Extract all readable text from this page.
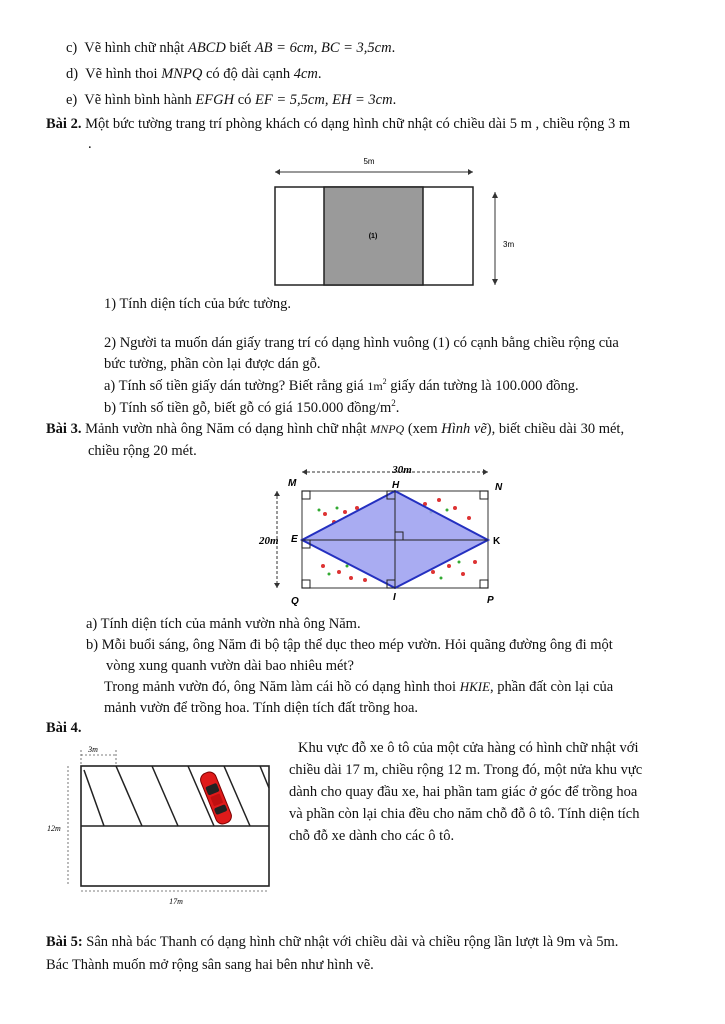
c) Vẽ hình chữ nhật ABCD biết AB = 6cm, BC = 3,5cm.
d) Vẽ hình thoi MNPQ có độ dài cạnh 4cm.
e) Vẽ hình bình hành EFGH có EF = 5,5cm, EH = 3cm.
Bài 2. Một bức tường trang trí phòng khách có dạng hình chữ nhật có chiều dài 5 m , chiều rộng 3 m
.
5m
(1)
3m
1) Tính diện tích của bức tường.
2) Người ta muốn dán giấy trang trí có dạng hình vuông (1) có cạnh bằng chiều rộng của
bức tường, phần còn lại được dán gỗ.
a) Tính số tiền giấy dán tường? Biết rằng giá $1m^2$ giấy dán tường là 100.000 đồng.
b) Tính số tiền gỗ, biết gỗ có giá 150.000 đồng/$m^2$.
Bài 3. Mảnh vườn nhà ông Năm có dạng hình chữ nhật MNPQ (xem Hình vẽ), biết chiều dài 30 mét,
chiều rộng 20 mét.
30m
20m
M	H	N
E	K
Q	I	P
a) Tính diện tích của mảnh vườn nhà ông Năm.
b) Mỗi buổi sáng, ông Năm đi bộ tập thể dục theo mép vườn. Hỏi quãng đường ông đi một
vòng xung quanh vườn dài bao nhiêu mét?
Trong mảnh vườn đó, ông Năm làm cái hồ có dạng hình thoi HKIE, phần đất còn lại của
mảnh vườn để trồng hoa. Tính diện tích đất trồng hoa.
Bài 4.
3m
12m
17m
Khu vực đỗ xe ô tô của một cửa hàng có hình chữ nhật với
chiều dài 17 m, chiều rộng 12 m. Trong đó, một nửa khu vực
dành cho quay đầu xe, hai phần tam giác ở góc để trồng hoa
và phần còn lại chia đều cho năm chỗ đỗ ô tô. Tính diện tích
chỗ đỗ xe dành cho các ô tô.
Bài 5: Sân nhà bác Thanh có dạng hình chữ nhật với chiều dài và chiều rộng lần lượt là 9m và 5m.
Bác Thành muốn mở rộng sân sang hai bên như hình vẽ.
